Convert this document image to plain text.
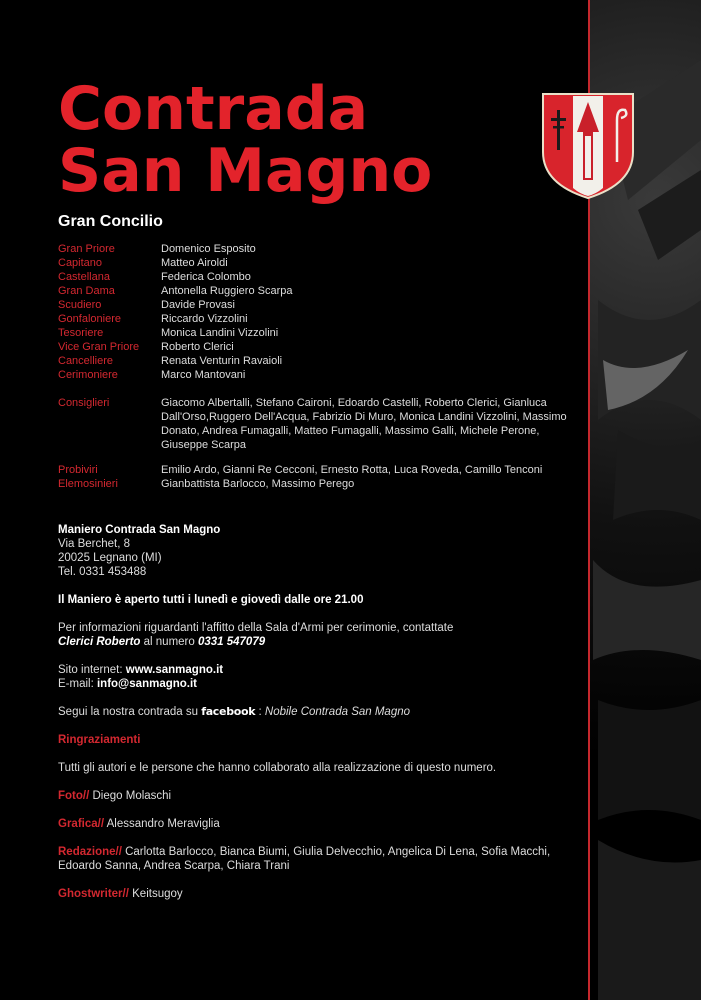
Contrada
San Magno
Gran Concilio
Gran Priore	Domenico Esposito
Capitano	Matteo Airoldi
Castellana	Federica Colombo
Gran Dama	Antonella Ruggiero Scarpa
Scudiero	Davide Provasi
Gonfaloniere	Riccardo Vizzolini
Tesoriere	Monica Landini Vizzolini
Vice Gran Priore	Roberto Clerici
Cancelliere	Renata Venturin Ravaioli
Cerimoniere	Marco Mantovani
Consiglieri	Giacomo Albertalli, Stefano Caironi, Edoardo Castelli, Roberto Clerici, Gianluca Dall'Orso,Ruggero Dell'Acqua, Fabrizio Di Muro, Monica Landini Vizzolini, Massimo Donato, Andrea Fumagalli, Matteo Fumagalli, Massimo Galli, Michele Perone, Giuseppe Scarpa
Probiviri	Emilio Ardo, Gianni Re Cecconi, Ernesto Rotta, Luca Roveda, Camillo Tenconi
Elemosinieri	Gianbattista Barlocco, Massimo Perego
Maniero Contrada San Magno
Via Berchet, 8
20025 Legnano (MI)
Tel. 0331 453488
Il Maniero è aperto tutti i lunedì e giovedì dalle ore 21.00
Per informazioni riguardanti l'affitto della Sala d'Armi per cerimonie, contattate
Clerici Roberto al numero 0331 547079
Sito internet: www.sanmagno.it
E-mail: info@sanmagno.it
Segui la nostra contrada su facebook : Nobile Contrada San Magno
Ringraziamenti
Tutti gli autori e le persone che hanno collaborato alla realizzazione di questo numero.
Foto// Diego Molaschi
Grafica// Alessandro Meraviglia
Redazione// Carlotta Barlocco, Bianca Biumi, Giulia Delvecchio, Angelica Di Lena, Sofia Macchi, Edoardo Sanna, Andrea Scarpa, Chiara Trani
Ghostwriter// Keitsugoy
